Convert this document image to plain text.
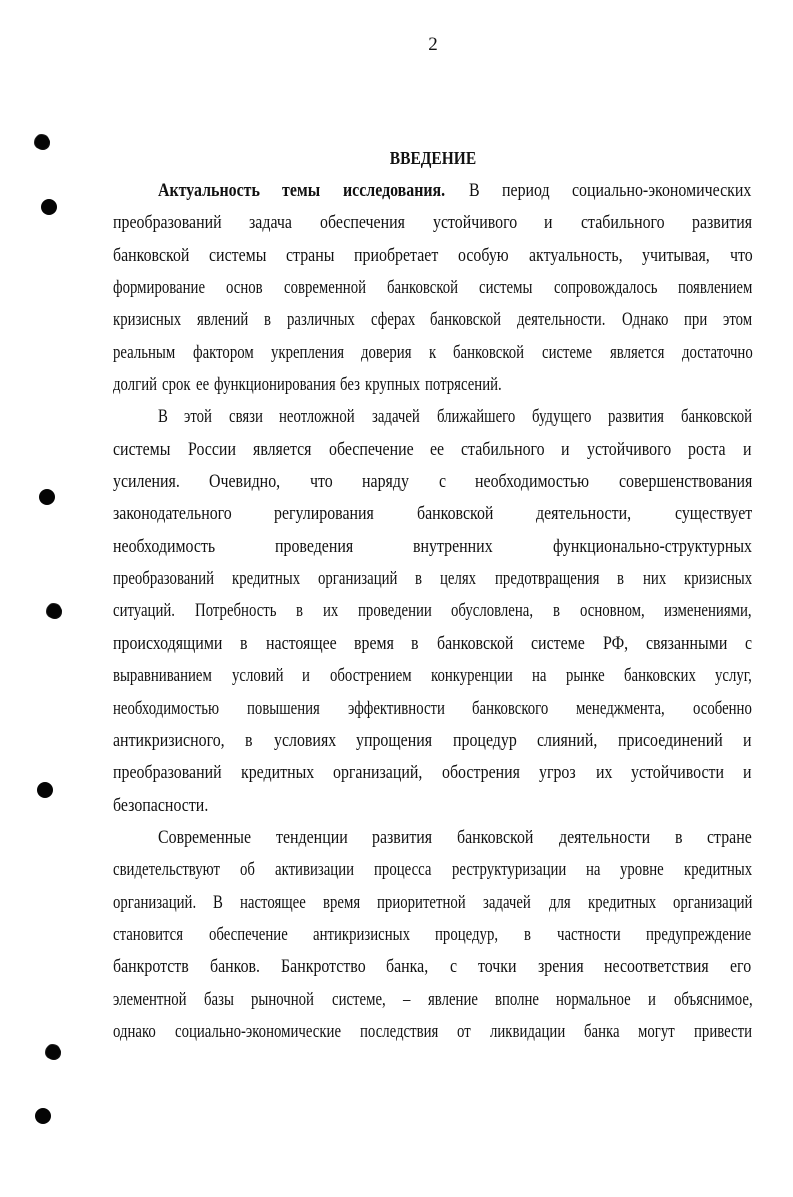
2
ВВЕДЕНИЕ
Актуальность темы исследования. В период социально-экономических
преобразований задача обеспечения устойчивого и стабильного развития
банковской системы страны приобретает особую актуальность, учитывая, что
формирование основ современной банковской системы сопровождалось появлением
кризисных явлений в различных сферах банковской деятельности. Однако при этом
реальным фактором укрепления доверия к банковской системе является достаточно
долгий срок ее функционирования без крупных потрясений.
В этой связи неотложной задачей ближайшего будущего развития банковской
системы России является обеспечение ее стабильного и устойчивого роста и
усиления. Очевидно, что наряду с необходимостью совершенствования
законодательного регулирования банковской деятельности, существует
необходимость	проведения	внутренних	функционально-структурных
преобразований кредитных организаций в целях предотвращения в них кризисных
ситуаций. Потребность в их проведении обусловлена, в основном, изменениями,
происходящими в настоящее время в банковской системе РФ, связанными с
выравниванием условий и обострением конкуренции на рынке банковских услуг,
необходимостью повышения эффективности банковского менеджмента, особенно
антикризисного, в условиях упрощения процедур слияний, присоединений и
преобразований кредитных организаций, обострения угроз их устойчивости и
безопасности.
Современные тенденции развития банковской деятельности в стране
свидетельствуют об активизации процесса реструктуризации на уровне кредитных
организаций. В настоящее время приоритетной задачей для кредитных организаций
становится обеспечение антикризисных процедур, в частности предупреждение
банкротств банков. Банкротство банка, с точки зрения несоответствия его
элементной базы рыночной системе, – явление вполне нормальное и объяснимое,
однако социально-экономические последствия от ликвидации банка могут привести
